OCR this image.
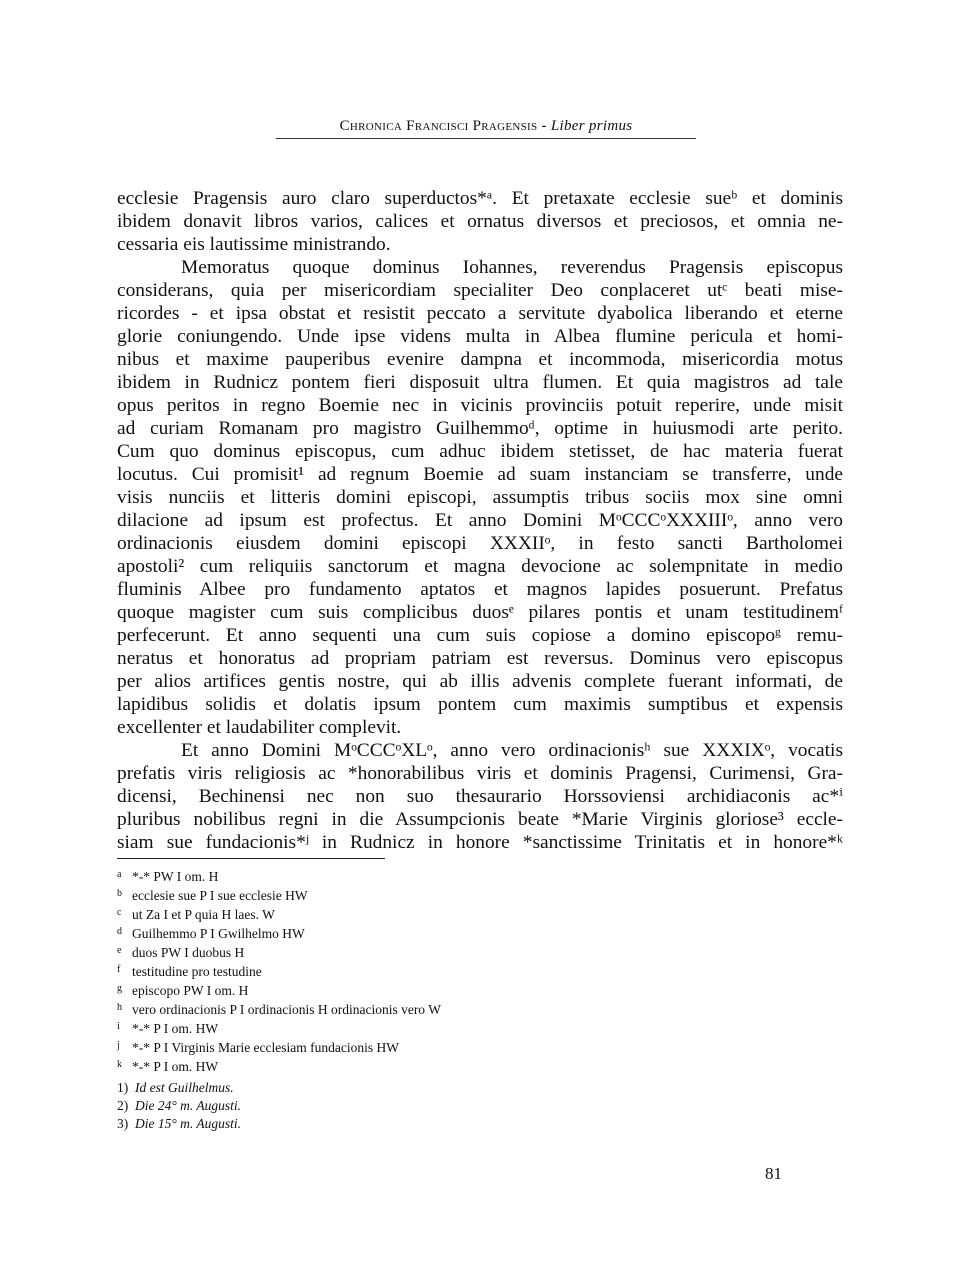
Chronica Francisci Pragensis - Liber primus
ecclesie Pragensis auro claro superductos*ᵃ. Et pretaxate ecclesie sueᵇ et dominis
ibidem donavit libros varios, calices et ornatus diversos et preciosos, et omnia ne-
cessaria eis lautissime ministrando.
Memoratus quoque dominus Iohannes, reverendus Pragensis episcopus
considerans, quia per misericordiam specialiter Deo conplaceret utᶜ beati mise-
ricordes - et ipsa obstat et resistit peccato a servitute dyabolica liberando et eterne
glorie coniungendo. Unde ipse videns multa in Albea flumine pericula et homi-
nibus et maxime pauperibus evenire dampna et incommoda, misericordia motus
ibidem in Rudnicz pontem fieri disposuit ultra flumen. Et quia magistros ad tale
opus peritos in regno Boemie nec in vicinis provinciis potuit reperire, unde misit
ad curiam Romanam pro magistro Guilhemmoᵈ, optime in huiusmodi arte perito.
Cum quo dominus episcopus, cum adhuc ibidem stetisset, de hac materia fuerat
locutus. Cui promisit¹ ad regnum Boemie ad suam instanciam se transferre, unde
visis nunciis et litteris domini episcopi, assumptis tribus sociis mox sine omni
dilacione ad ipsum est profectus. Et anno Domini MᵒCCCᵒXXXIIIᵒ, anno vero
ordinacionis eiusdem domini episcopi XXXIIᵒ, in festo sancti Bartholomei
apostoli² cum reliquiis sanctorum et magna devocione ac solempnitate in medio
fluminis Albee pro fundamento aptatos et magnos lapides posuerunt. Prefatus
quoque magister cum suis complicibus duosᵉ pilares pontis et unam testitudinemᶠ
perfecerunt. Et anno sequenti una cum suis copiose a domino episcopoᵍ remu-
neratus et honoratus ad propriam patriam est reversus. Dominus vero episcopus
per alios artifices gentis nostre, qui ab illis advenis complete fuerant informati, de
lapidibus solidis et dolatis ipsum pontem cum maximis sumptibus et expensis
excellenter et laudabiliter complevit.
Et anno Domini MᵒCCCᵒXLᵒ, anno vero ordinacionisʰ sue XXXIXᵒ, vocatis
prefatis viris religiosis ac *honorabilibus viris et dominis Pragensi, Curimensi, Gra-
dicensi, Bechinensi nec non suo thesaurario Horssoviensi archidiaconis ac*ⁱ
pluribus nobilibus regni in die Assumpcionis beate *Marie Virginis gloriose³ eccle-
siam sue fundacionis*ʲ in Rudnicz in honore *sanctissime Trinitatis et in honore*ᵏ
a *-* PW I om. H
b ecclesie sue P I sue ecclesie HW
c ut Za I et P quia H laes. W
d Guilhemmo P I Gwilhelmo HW
e duos PW I duobus H
f testitudine pro testudine
g episcopo PW I om. H
h vero ordinacionis P I ordinacionis H ordinacionis vero W
i *-* P I om. HW
j *-* P I Virginis Marie ecclesiam fundacionis HW
k *-* P I om. HW
1) Id est Guilhelmus.
2) Die 24° m. Augusti.
3) Die 15° m. Augusti.
81
